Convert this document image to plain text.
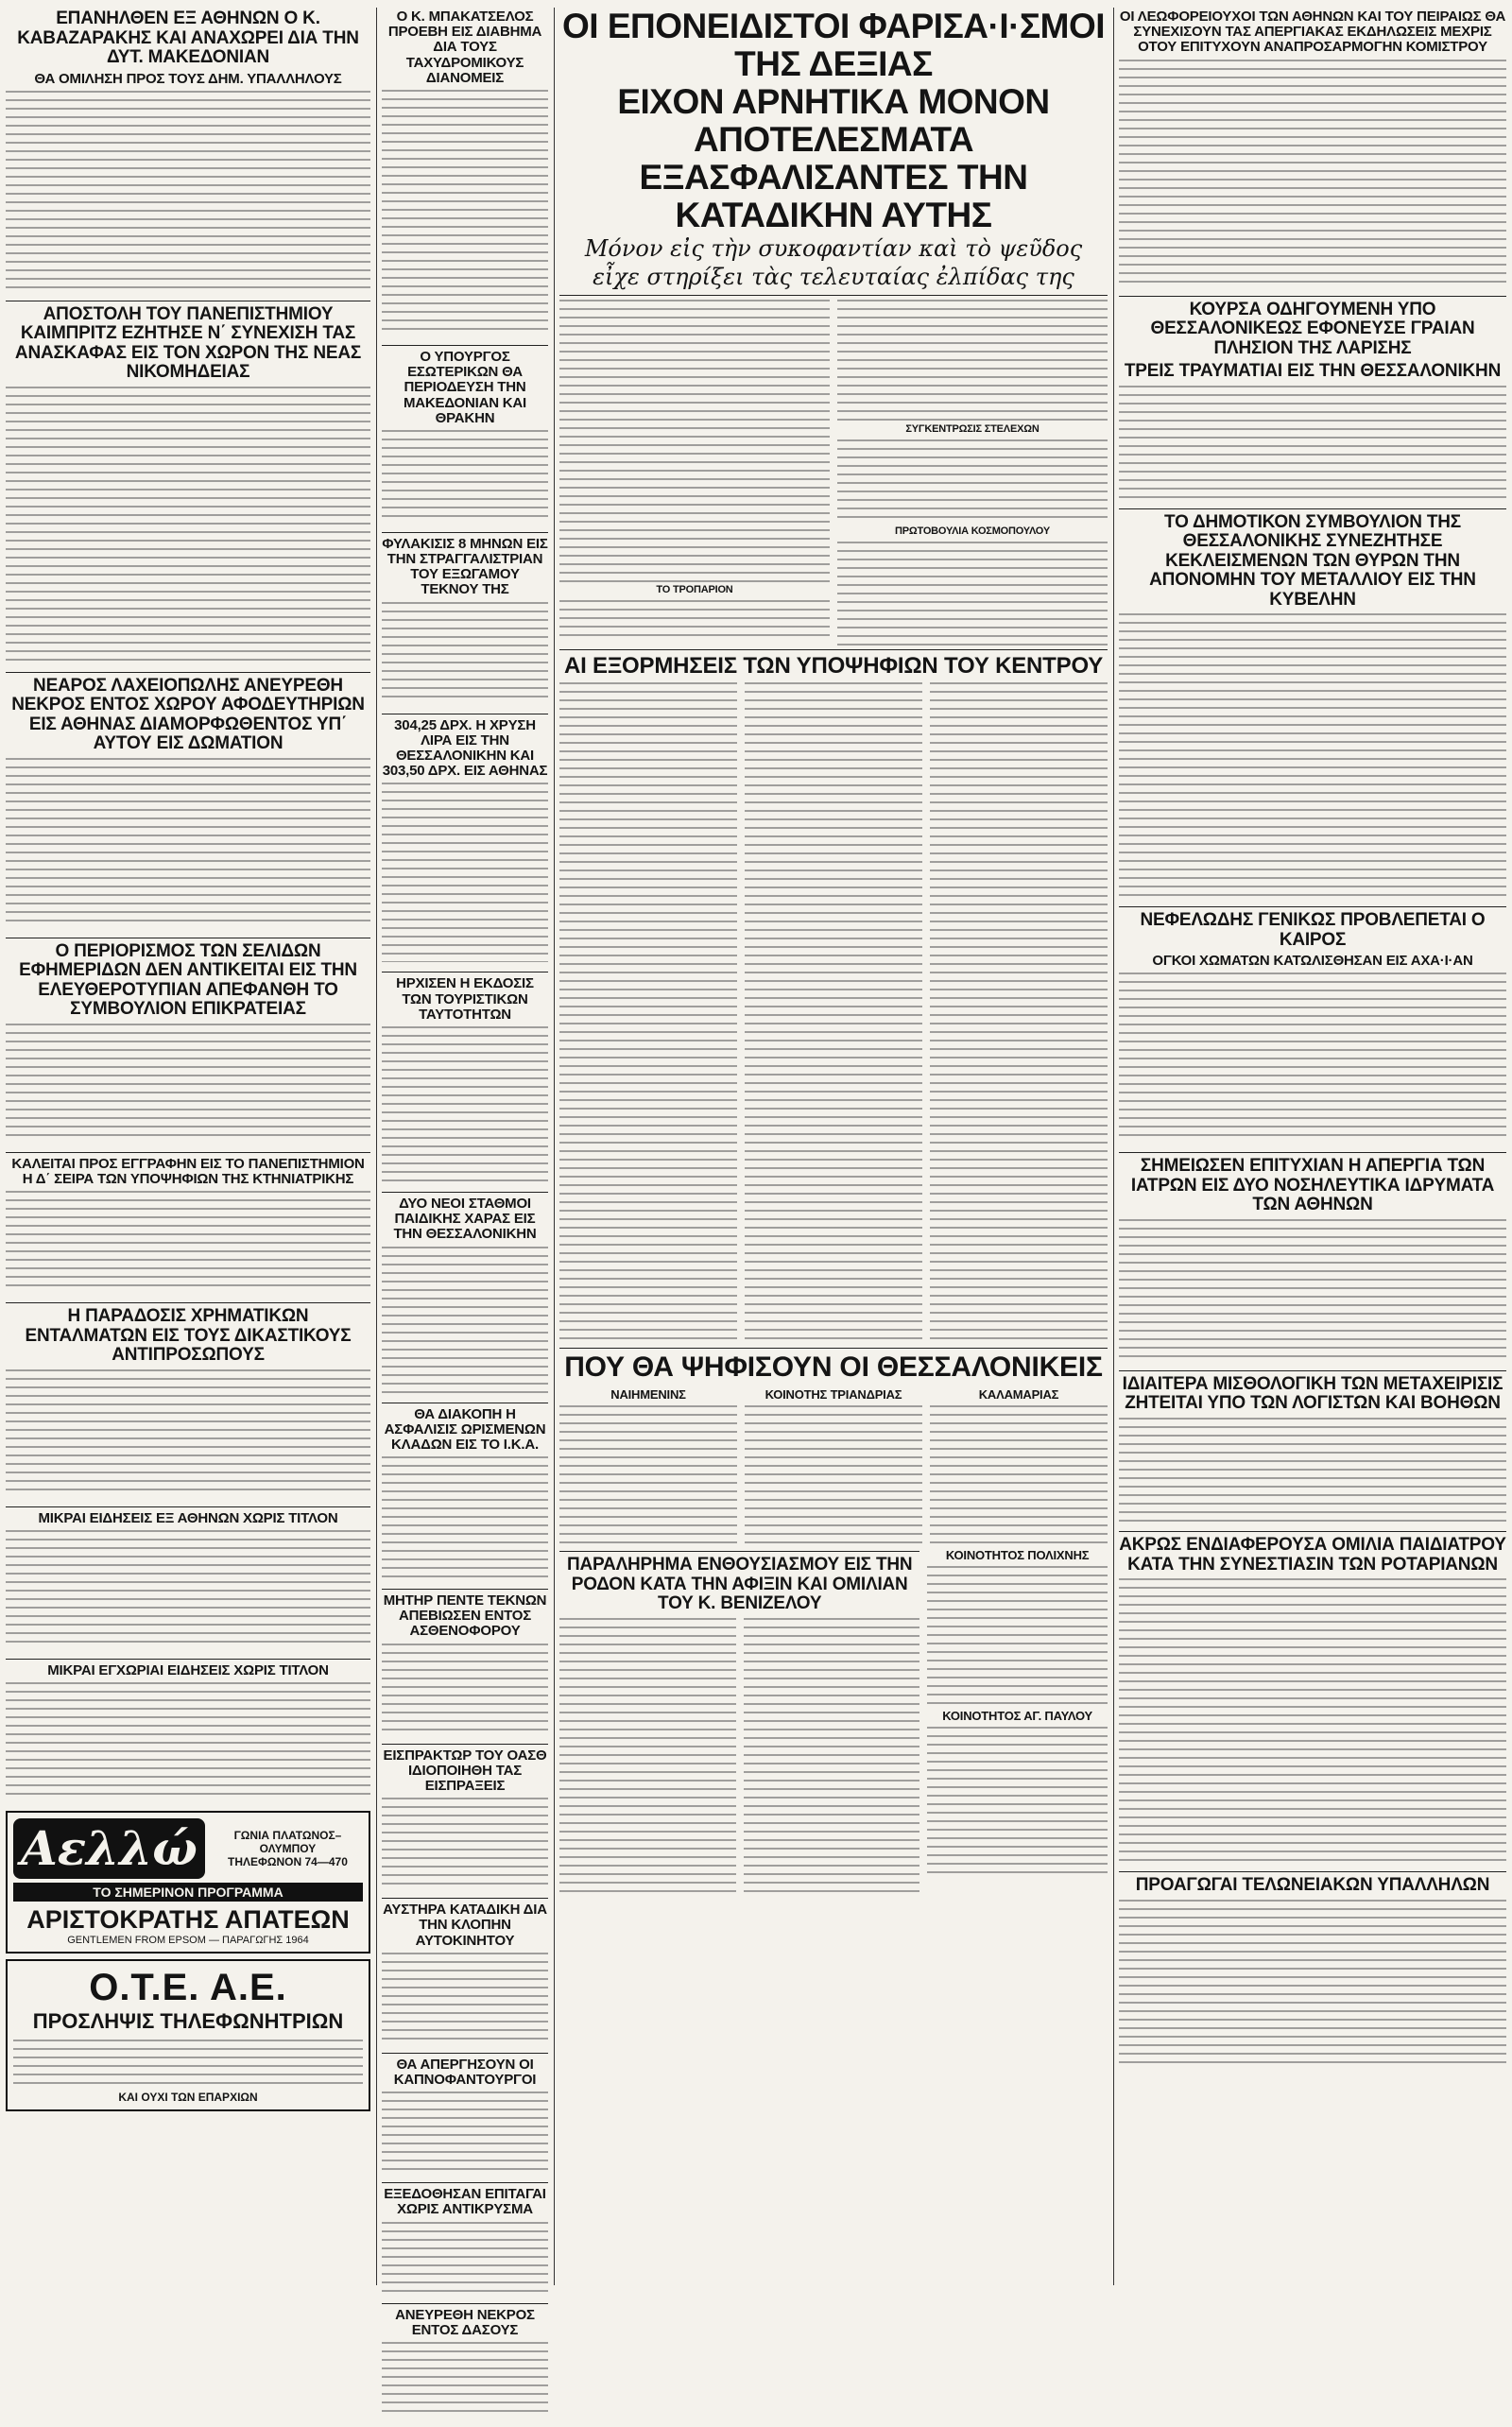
ΕΠΑΝΗΛΘΕΝ ΕΞ ΑΘΗΝΩΝ Ο Κ. ΚΑΒΑΖΑΡΑΚΗΣ ΚΑΙ ΑΝΑΧΩΡΕΙ ΔΙΑ ΤΗΝ ΔΥΤ. ΜΑΚΕΔΟΝΙΑΝ
ΘΑ ΟΜΙΛΗΣΗ ΠΡΟΣ ΤΟΥΣ ΔΗΜ. ΥΠΑΛΛΗΛΟΥΣ
ΑΠΟΣΤΟΛΗ ΤΟΥ ΠΑΝΕΠΙΣΤΗΜΙΟΥ ΚΑΙΜΠΡΙΤΖ ΕΖΗΤΗΣΕ Ν΄ ΣΥΝΕΧΙΣΗ ΤΑΣ ΑΝΑΣΚΑΦΑΣ ΕΙΣ ΤΟΝ ΧΩΡΟΝ ΤΗΣ ΝΕΑΣ ΝΙΚΟΜΗΔΕΙΑΣ
ΝΕΑΡΟΣ ΛΑΧΕΙΟΠΩΛΗΣ ΑΝΕΥΡΕΘΗ ΝΕΚΡΟΣ ΕΝΤΟΣ ΧΩΡΟΥ ΑΦΟΔΕΥΤΗΡΙΩΝ ΕΙΣ ΑΘΗΝΑΣ ΔΙΑΜΟΡΦΩΘΕΝΤΟΣ ΥΠ΄ ΑΥΤΟΥ ΕΙΣ ΔΩΜΑΤΙΟΝ
Ο ΠΕΡΙΟΡΙΣΜΟΣ ΤΩΝ ΣΕΛΙΔΩΝ ΕΦΗΜΕΡΙΔΩΝ ΔΕΝ ΑΝΤΙΚΕΙΤΑΙ ΕΙΣ ΤΗΝ ΕΛΕΥΘΕΡΟΤΥΠΙΑΝ ΑΠΕΦΑΝΘΗ ΤΟ ΣΥΜΒΟΥΛΙΟΝ ΕΠΙΚΡΑΤΕΙΑΣ
ΚΑΛΕΙΤΑΙ ΠΡΟΣ ΕΓΓΡΑΦΗΝ ΕΙΣ ΤΟ ΠΑΝΕΠΙΣΤΗΜΙΟΝ Η Δ΄ ΣΕΙΡΑ ΤΩΝ ΥΠΟΨΗΦΙΩΝ ΤΗΣ ΚΤΗΝΙΑΤΡΙΚΗΣ
Η ΠΑΡΑΔΟΣΙΣ ΧΡΗΜΑΤΙΚΩΝ ΕΝΤΑΛΜΑΤΩΝ ΕΙΣ ΤΟΥΣ ΔΙΚΑΣΤΙΚΟΥΣ ΑΝΤΙΠΡΟΣΩΠΟΥΣ
ΜΙΚΡΑΙ ΕΙΔΗΣΕΙΣ ΕΞ ΑΘΗΝΩΝ ΧΩΡΙΣ ΤΙΤΛΟΝ
ΜΙΚΡΑΙ ΕΓΧΩΡΙΑΙ ΕΙΔΗΣΕΙΣ ΧΩΡΙΣ ΤΙΤΛΟΝ
Αελλώ	ΓΩΝΙΑ ΠΛΑΤΩΝΟΣ–ΟΛΥΜΠΟΥ
ΤΗΛΕΦΩΝΟΝ 74—470
ΤΟ ΣΗΜΕΡΙΝΟΝ ΠΡΟΓΡΑΜΜΑ
ΑΡΙΣΤΟΚΡΑΤΗΣ ΑΠΑΤΕΩΝ
GENTLEMEN FROM EPSOM — ΠΑΡΑΓΩΓΗΣ 1964
Ο.Τ.Ε. Α.Ε.
ΠΡΟΣΛΗΨΙΣ ΤΗΛΕΦΩΝΗΤΡΙΩΝ
ΚΑΙ ΟΥΧΙ ΤΩΝ ΕΠΑΡΧΙΩΝ
Ο Κ. ΜΠΑΚΑΤΣΕΛΟΣ ΠΡΟΕΒΗ ΕΙΣ ΔΙΑΒΗΜΑ ΔΙΑ ΤΟΥΣ ΤΑΧΥΔΡΟΜΙΚΟΥΣ ΔΙΑΝΟΜΕΙΣ
Ο ΥΠΟΥΡΓΟΣ ΕΣΩΤΕΡΙΚΩΝ ΘΑ ΠΕΡΙΟΔΕΥΣΗ ΤΗΝ ΜΑΚΕΔΟΝΙΑΝ ΚΑΙ ΘΡΑΚΗΝ
ΦΥΛΑΚΙΣΙΣ 8 ΜΗΝΩΝ ΕΙΣ ΤΗΝ ΣΤΡΑΓΓΑΛΙΣΤΡΙΑΝ ΤΟΥ ΕΞΩΓΑΜΟΥ ΤΕΚΝΟΥ ΤΗΣ
304,25 ΔΡΧ. Η ΧΡΥΣΗ ΛΙΡΑ ΕΙΣ ΤΗΝ ΘΕΣΣΑΛΟΝΙΚΗΝ ΚΑΙ 303,50 ΔΡΧ. ΕΙΣ ΑΘΗΝΑΣ
ΗΡΧΙΣΕΝ Η ΕΚΔΟΣΙΣ ΤΩΝ ΤΟΥΡΙΣΤΙΚΩΝ ΤΑΥΤΟΤΗΤΩΝ
ΔΥΟ ΝΕΟΙ ΣΤΑΘΜΟΙ ΠΑΙΔΙΚΗΣ ΧΑΡΑΣ ΕΙΣ ΤΗΝ ΘΕΣΣΑΛΟΝΙΚΗΝ
ΘΑ ΔΙΑΚΟΠΗ Η ΑΣΦΑΛΙΣΙΣ ΩΡΙΣΜΕΝΩΝ ΚΛΑΔΩΝ ΕΙΣ ΤΟ Ι.Κ.Α.
ΜΗΤΗΡ ΠΕΝΤΕ ΤΕΚΝΩΝ ΑΠΕΒΙΩΣΕΝ ΕΝΤΟΣ ΑΣΘΕΝΟΦΟΡΟΥ
ΕΙΣΠΡΑΚΤΩΡ ΤΟΥ ΟΑΣΘ ΙΔΙΟΠΟΙΗΘΗ ΤΑΣ ΕΙΣΠΡΑΞΕΙΣ
ΑΥΣΤΗΡΑ ΚΑΤΑΔΙΚΗ ΔΙΑ ΤΗΝ ΚΛΟΠΗΝ ΑΥΤΟΚΙΝΗΤΟΥ
ΘΑ ΑΠΕΡΓΗΣΟΥΝ ΟΙ ΚΑΠΝΟΦΑΝΤΟΥΡΓΟΙ
ΕΞΕΔΟΘΗΣΑΝ ΕΠΙΤΑΓΑΙ ΧΩΡΙΣ ΑΝΤΙΚΡΥΣΜΑ
ΑΝΕΥΡΕΘΗ ΝΕΚΡΟΣ ΕΝΤΟΣ ΔΑΣΟΥΣ
ΟΙ ΕΠΟΝΕΙΔΙΣΤΟΙ ΦΑΡΙΣΑ·Ι·ΣΜΟΙ ΤΗΣ ΔΕΞΙΑΣ
ΕΙΧΟΝ ΑΡΝΗΤΙΚΑ ΜΟΝΟΝ ΑΠΟΤΕΛΕΣΜΑΤΑ
ΕΞΑΣΦΑΛΙΣΑΝΤΕΣ ΤΗΝ ΚΑΤΑΔΙΚΗΝ ΑΥΤΗΣ
Μόνον εἰς τὴν συκοφαντίαν καὶ τὸ ψεῦδος
εἶχε στηρίξει τὰς τελευταίας ἐλπίδας της
ΤΟ ΤΡΟΠΑΡΙΟΝ
ΣΥΓΚΕΝΤΡΩΣΙΣ ΣΤΕΛΕΧΩΝ
ΠΡΩΤΟΒΟΥΛΙΑ ΚΟΣΜΟΠΟΥΛΟΥ
ΑΙ ΕΞΟΡΜΗΣΕΙΣ ΤΩΝ ΥΠΟΨΗΦΙΩΝ ΤΟΥ ΚΕΝΤΡΟΥ
ΠΟΥ ΘΑ ΨΗΦΙΣΟΥΝ ΟΙ ΘΕΣΣΑΛΟΝΙΚΕΙΣ
ΝΑΙΗΜΕΝΙΝΣ	ΚΟΙΝΟΤΗΣ ΤΡΙΑΝΔΡΙΑΣ	ΚΑΛΑΜΑΡΙΑΣ
ΠΑΡΑΛΗΡΗΜΑ ΕΝΘΟΥΣΙΑΣΜΟΥ ΕΙΣ ΤΗΝ ΡΟΔΟΝ ΚΑΤΑ ΤΗΝ ΑΦΙΞΙΝ ΚΑΙ ΟΜΙΛΙΑΝ ΤΟΥ Κ. ΒΕΝΙΖΕΛΟΥ
ΚΟΙΝΟΤΗΤΟΣ ΠΟΛΙΧΝΗΣ
ΚΟΙΝΟΤΗΤΟΣ ΑΓ. ΠΑΥΛΟΥ
ΟΙ ΛΕΩΦΟΡΕΙΟΥΧΟΙ ΤΩΝ ΑΘΗΝΩΝ ΚΑΙ ΤΟΥ ΠΕΙΡΑΙΩΣ ΘΑ ΣΥΝΕΧΙΣΟΥΝ ΤΑΣ ΑΠΕΡΓΙΑΚΑΣ ΕΚΔΗΛΩΣΕΙΣ ΜΕΧΡΙΣ ΟΤΟΥ ΕΠΙΤΥΧΟΥΝ ΑΝΑΠΡΟΣΑΡΜΟΓΗΝ ΚΟΜΙΣΤΡΟΥ
ΚΟΥΡΣΑ ΟΔΗΓΟΥΜΕΝΗ ΥΠΟ ΘΕΣΣΑΛΟΝΙΚΕΩΣ ΕΦΟΝΕΥΣΕ ΓΡΑΙΑΝ ΠΛΗΣΙΟΝ ΤΗΣ ΛΑΡΙΣΗΣ
ΤΡΕΙΣ ΤΡΑΥΜΑΤΙΑΙ ΕΙΣ ΤΗΝ ΘΕΣΣΑΛΟΝΙΚΗΝ
ΤΟ ΔΗΜΟΤΙΚΟΝ ΣΥΜΒΟΥΛΙΟΝ ΤΗΣ ΘΕΣΣΑΛΟΝΙΚΗΣ ΣΥΝΕΖΗΤΗΣΕ ΚΕΚΛΕΙΣΜΕΝΩΝ ΤΩΝ ΘΥΡΩΝ ΤΗΝ ΑΠΟΝΟΜΗΝ ΤΟΥ ΜΕΤΑΛΛΙΟΥ ΕΙΣ ΤΗΝ ΚΥΒΕΛΗΝ
ΝΕΦΕΛΩΔΗΣ ΓΕΝΙΚΩΣ ΠΡΟΒΛΕΠΕΤΑΙ Ο ΚΑΙΡΟΣ
ΟΓΚΟΙ ΧΩΜΑΤΩΝ ΚΑΤΩΛΙΣΘΗΣΑΝ ΕΙΣ ΑΧΑ·Ι·ΑΝ
ΣΗΜΕΙΩΣΕΝ ΕΠΙΤΥΧΙΑΝ Η ΑΠΕΡΓΙΑ ΤΩΝ ΙΑΤΡΩΝ ΕΙΣ ΔΥΟ ΝΟΣΗΛΕΥΤΙΚΑ ΙΔΡΥΜΑΤΑ ΤΩΝ ΑΘΗΝΩΝ
ΙΔΙΑΙΤΕΡΑ ΜΙΣΘΟΛΟΓΙΚΗ ΤΩΝ ΜΕΤΑΧΕΙΡΙΣΙΣ ΖΗΤΕΙΤΑΙ ΥΠΟ ΤΩΝ ΛΟΓΙΣΤΩΝ ΚΑΙ ΒΟΗΘΩΝ
ΑΚΡΩΣ ΕΝΔΙΑΦΕΡΟΥΣΑ ΟΜΙΛΙΑ ΠΑΙΔΙΑΤΡΟΥ ΚΑΤΑ ΤΗΝ ΣΥΝΕΣΤΙΑΣΙΝ ΤΩΝ ΡΟΤΑΡΙΑΝΩΝ
ΠΡΟΑΓΩΓΑΙ ΤΕΛΩΝΕΙΑΚΩΝ ΥΠΑΛΛΗΛΩΝ
